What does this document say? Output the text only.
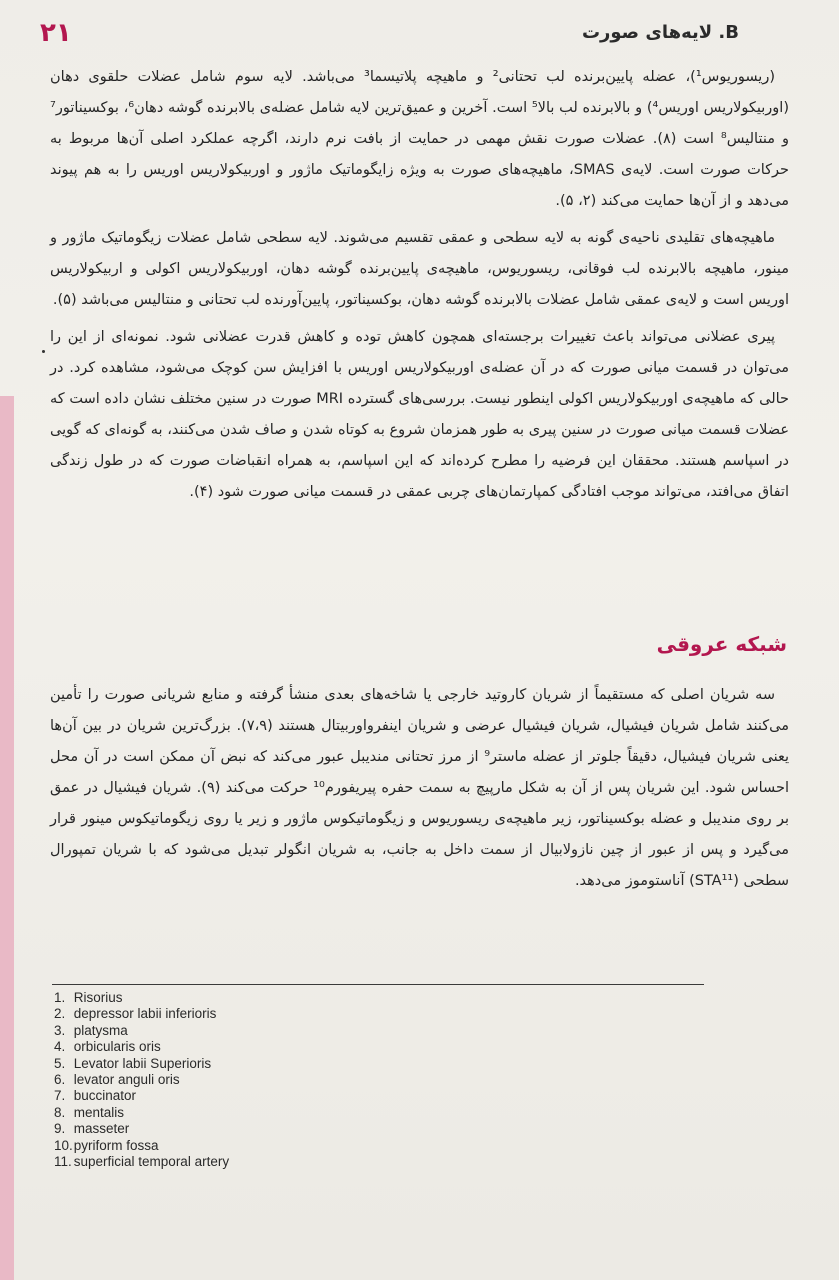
۲۱	B. لایه‌های صورت

(ریسوریوس¹)، عضله پایین‌برنده لب تحتانی² و ماهیچه پلاتیسما³ می‌باشد. لایه سوم شامل عضلات حلقوی دهان (اوربیکولاریس اوریس⁴) و بالابرنده لب بالا⁵ است. آخرین و عمیق‌ترین لایه شامل عضله‌ی بالابرنده گوشه دهان⁶، بوکسیناتور⁷ و منتالیس⁸ است (۸). عضلات صورت نقش مهمی در حمایت از بافت نرم دارند، اگرچه عملکرد اصلی آن‌ها مربوط به حرکات صورت است. لایه‌ی SMAS، ماهیچه‌های صورت به ویژه زایگوماتیک ماژور و اوربیکولاریس اوریس را به هم پیوند می‌دهد و از آن‌ها حمایت می‌کند (۲، ۵).

ماهیچه‌های تقلیدی ناحیه‌ی گونه به لایه سطحی و عمقی تقسیم می‌شوند. لایه سطحی شامل عضلات زیگوماتیک ماژور و مینور، ماهیچه بالابرنده لب فوقانی، ریسوریوس، ماهیچه‌ی پایین‌برنده گوشه دهان، اوربیکولاریس اکولی و اربیکولاریس اوریس است و لایه‌ی عمقی شامل عضلات بالابرنده گوشه دهان، بوکسیناتور، پایین‌آورنده لب تحتانی و منتالیس می‌باشد (۵).

پیری عضلانی می‌تواند باعث تغییرات برجسته‌ای همچون کاهش توده و کاهش قدرت عضلانی شود. نمونه‌ای از این را می‌توان در قسمت میانی صورت که در آن عضله‌ی اوربیکولاریس اوریس با افزایش سن کوچک می‌شود، مشاهده کرد. در حالی که ماهیچه‌ی اوربیکولاریس اکولی اینطور نیست. بررسی‌های گسترده MRI صورت در سنین مختلف نشان داده است که عضلات قسمت میانی صورت در سنین پیری به طور همزمان شروع به کوتاه شدن و صاف شدن می‌کنند، به گونه‌ای که گویی در اسپاسم هستند. محققان این فرضیه را مطرح کرده‌اند که این اسپاسم، به همراه انقباضات صورت که در طول زندگی اتفاق می‌افتد، می‌تواند موجب افتادگی کمپارتمان‌های چربی عمقی در قسمت میانی صورت شود (۴).

شبکه عروقی

سه شریان اصلی که مستقیماً از شریان کاروتید خارجی یا شاخه‌های بعدی منشأ گرفته و منابع شریانی صورت را تأمین می‌کنند شامل شریان فیشیال، شریان فیشیال عرضی و شریان اینفرواوربیتال هستند (۷،۹). بزرگ‌ترین شریان در بین آن‌ها یعنی شریان فیشیال، دقیقاً جلوتر از عضله ماستر⁹ از مرز تحتانی مندیبل عبور می‌کند که نبض آن ممکن است در آن محل احساس شود. این شریان پس از آن به شکل مارپیچ به سمت حفره پیریفورم¹⁰ حرکت می‌کند (۹). شریان فیشیال در عمق بر روی مندیبل و عضله بوکسیناتور، زیر ماهیچه‌ی ریسوریوس و زیگوماتیکوس ماژور و زیر یا روی زیگوماتیکوس مینور قرار می‌گیرد و پس از عبور از چین نازولابیال از سمت داخل به جانب، به شریان انگولر تبدیل می‌شود که با شریان تمپورال سطحی (STA¹¹) آناستوموز می‌دهد.

1. Risorius
2. depressor labii inferioris
3. platysma
4. orbicularis oris
5. Levator labii Superioris
6. levator anguli oris
7. buccinator
8. mentalis
9. masseter
10. pyriform fossa
11. superficial temporal artery
